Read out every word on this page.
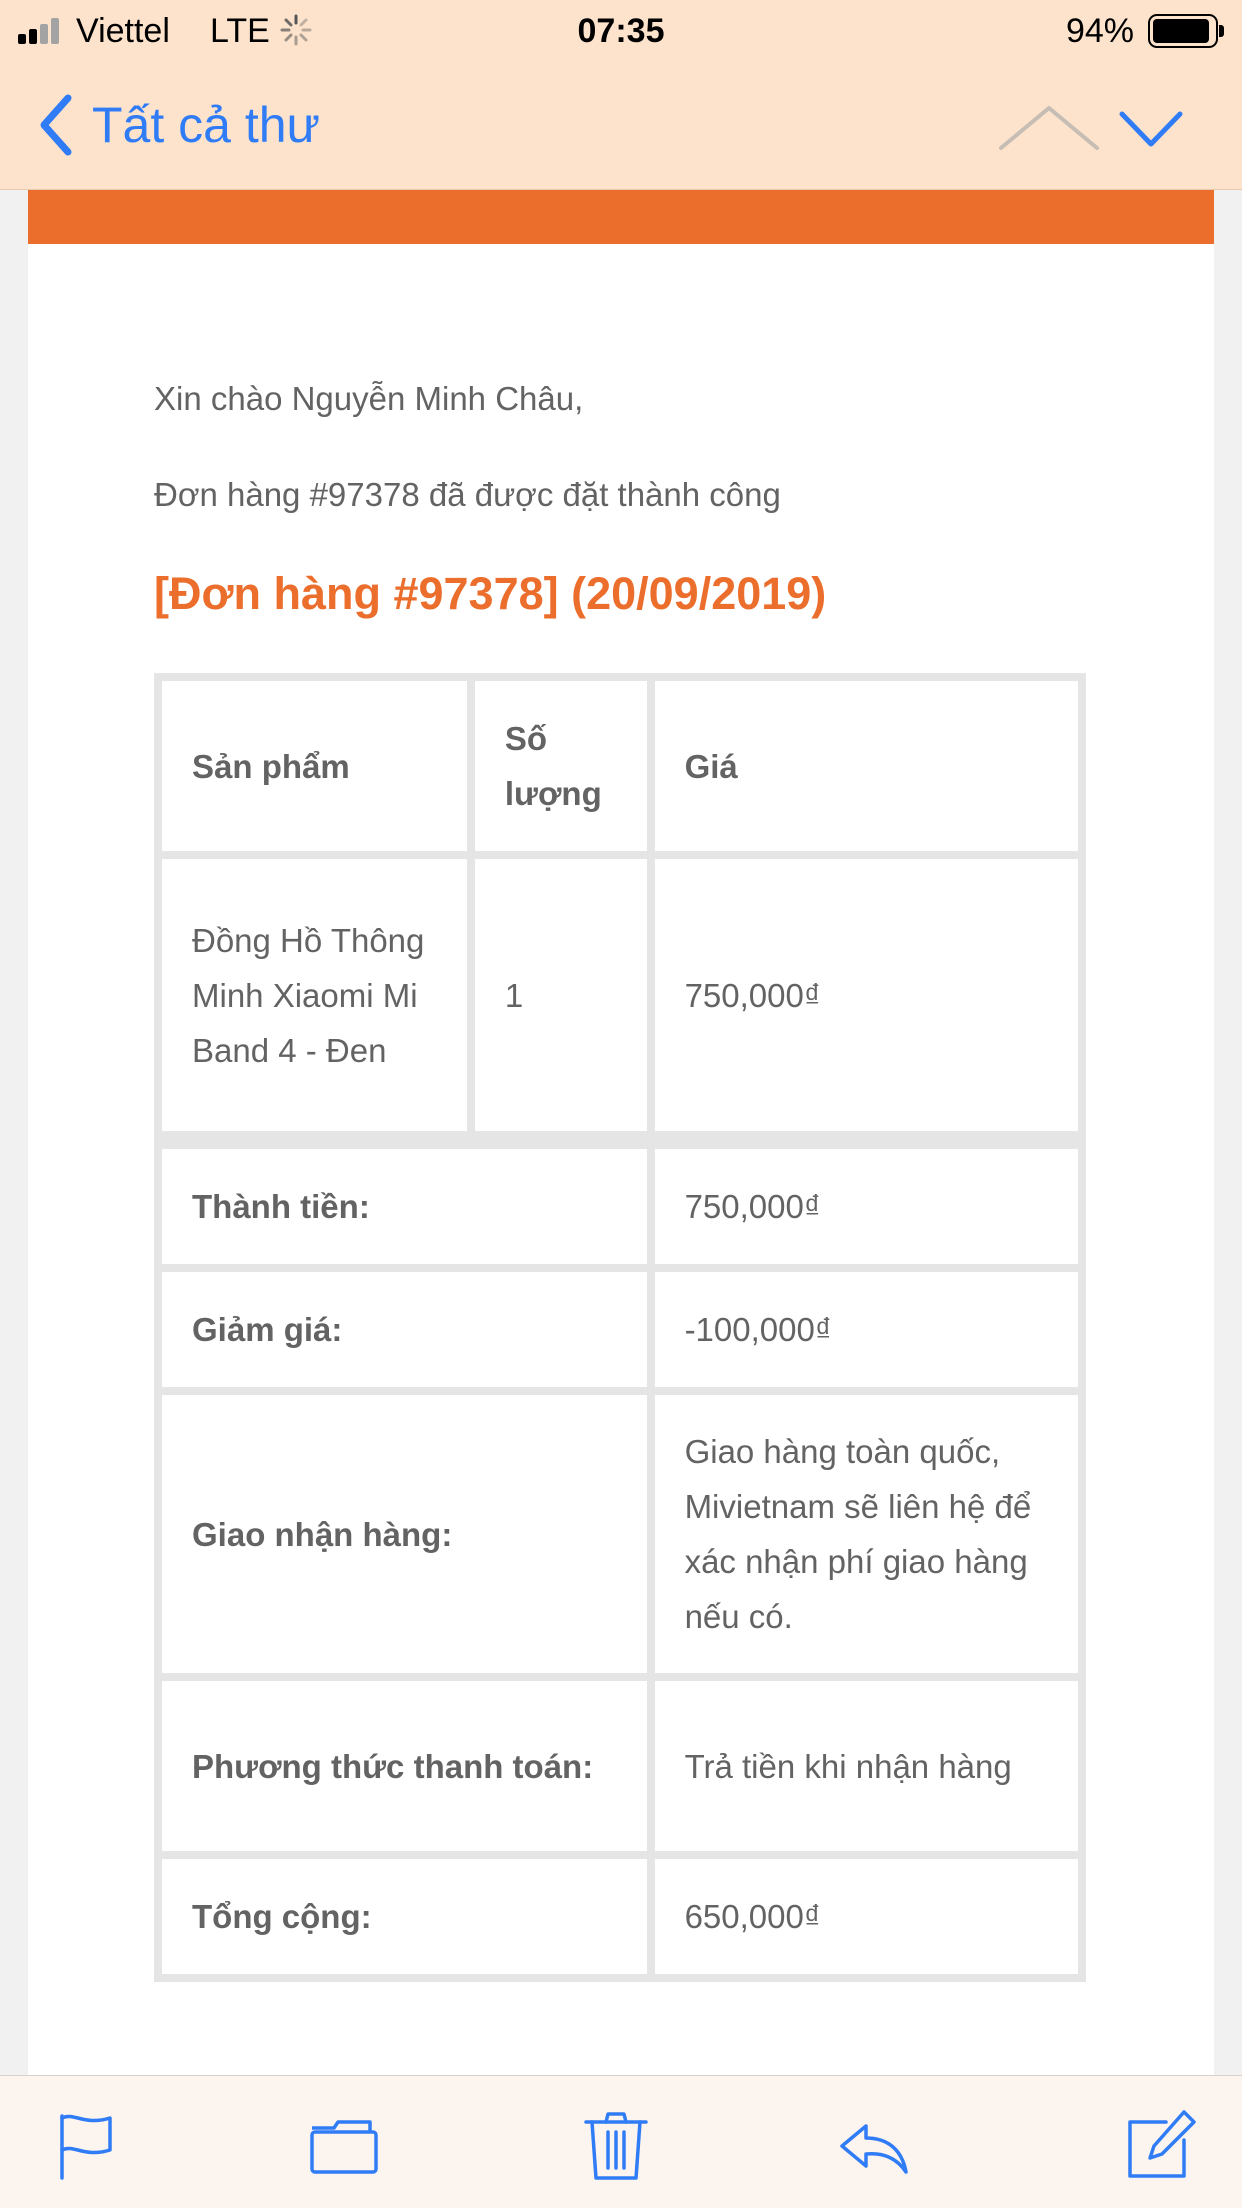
Viettel LTE	07:35	94%
Tất cả thư
Xin chào Nguyễn Minh Châu,
Đơn hàng #97378 đã được đặt thành công
[Đơn hàng #97378] (20/09/2019)
Sản phẩm	Số lượng	Giá
Đồng Hồ Thông Minh Xiaomi Mi Band 4 - Đen	1	750,000₫
Thành tiền:		750,000₫
Giảm giá:		-100,000₫
Giao nhận hàng:		Giao hàng toàn quốc, Mivietnam sẽ liên hệ để xác nhận phí giao hàng nếu có.
Phương thức thanh toán:		Trả tiền khi nhận hàng
Tổng cộng:		650,000₫
